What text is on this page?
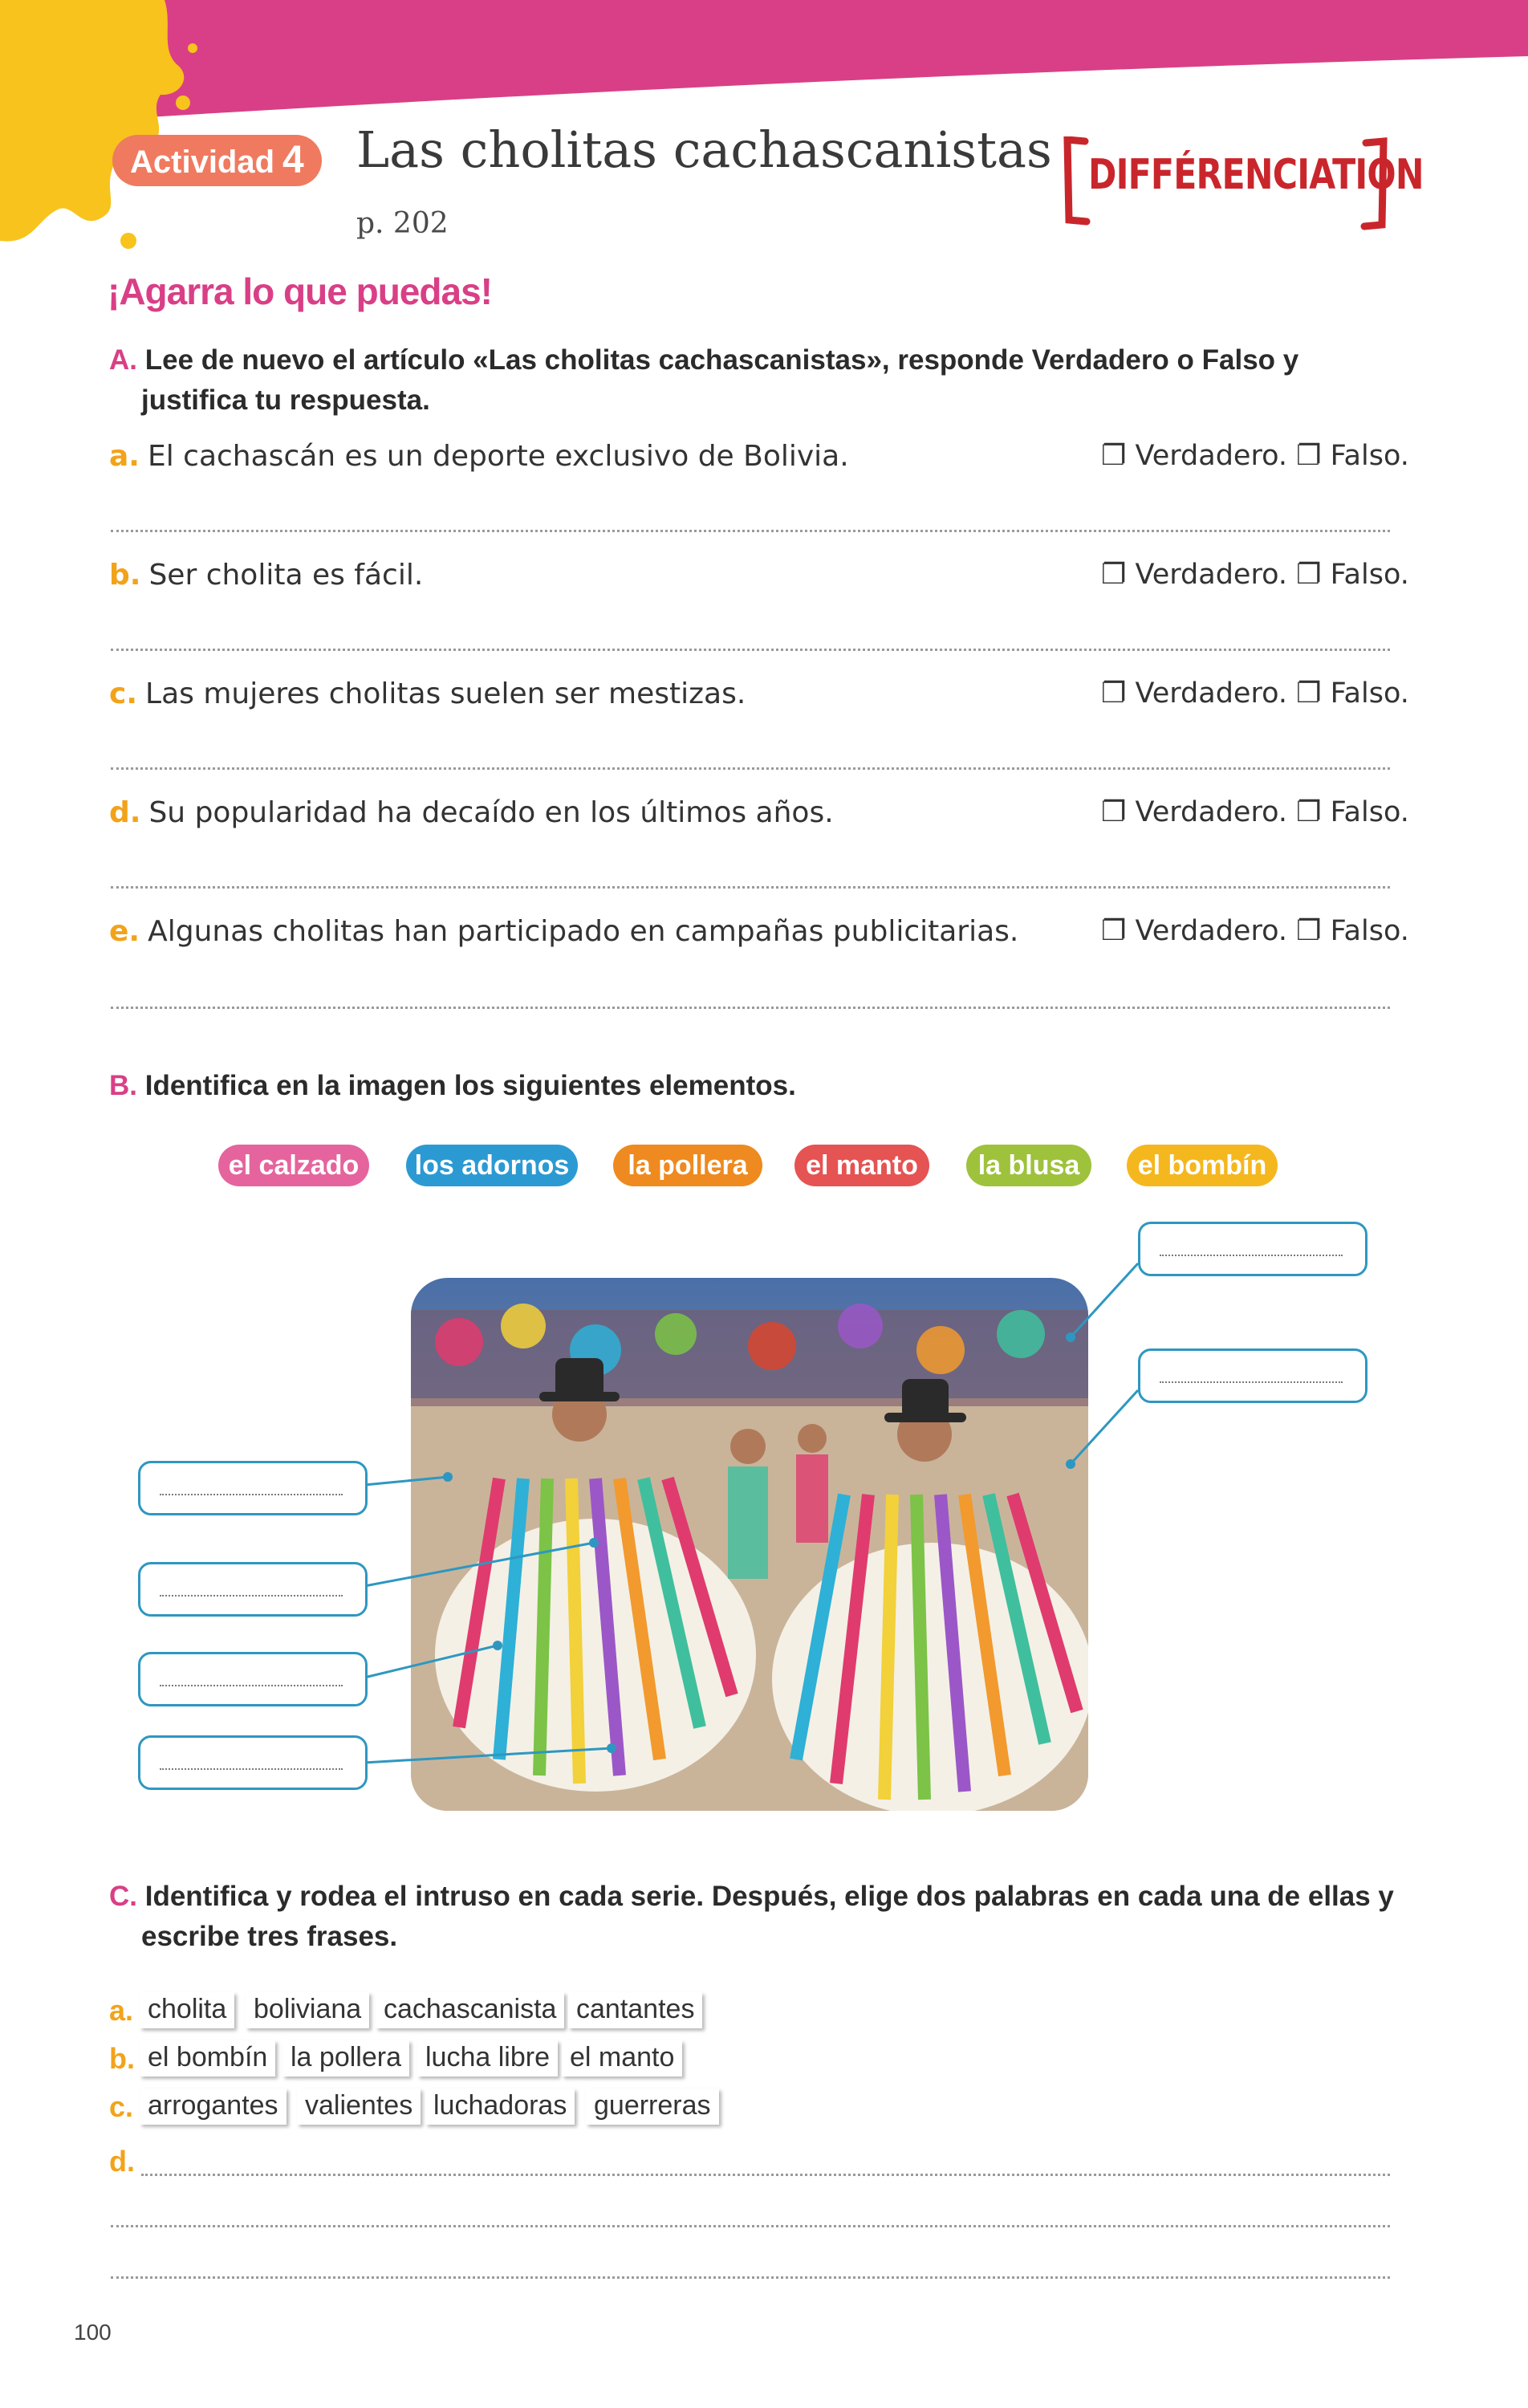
Actividad 4	Las cholitas cachascanistas
p. 202
DIFFÉRENCIATION
¡Agarra lo que puedas!
A. Lee de nuevo el artículo «Las cholitas cachascanistas», responde Verdadero o Falso y
justifica tu respuesta.
a. El cachascán es un deporte exclusivo de Bolivia.	❐ Verdadero. ❐ Falso.
b. Ser cholita es fácil.	❐ Verdadero. ❐ Falso.
c. Las mujeres cholitas suelen ser mestizas.	❐ Verdadero. ❐ Falso.
d. Su popularidad ha decaído en los últimos años.	❐ Verdadero. ❐ Falso.
e. Algunas cholitas han participado en campañas publicitarias.	❐ Verdadero. ❐ Falso.
B. Identifica en la imagen los siguientes elementos.
el calzado	los adornos	la pollera	el manto	la blusa	el bombín
C. Identifica y rodea el intruso en cada serie. Después, elige dos palabras en cada una de ellas y
escribe tres frases.
a. cholita boliviana cachascanista cantantes
b. el bombín la pollera lucha libre el manto
c. arrogantes valientes luchadoras guerreras
d.
100
